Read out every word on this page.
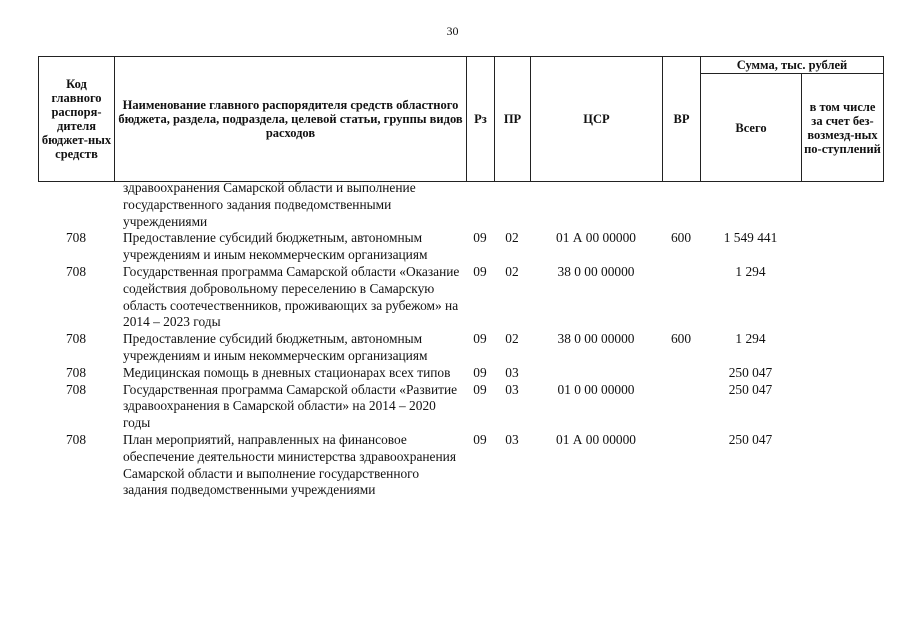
30
Код главного распоря-дителя бюджет-ных средств	Наименование главного распорядителя средств областного бюджета, раздела, подраздела, целевой статьи, группы видов расходов	Рз	ПР	ЦСР	ВР	Сумма, тыс. рублей	
						Всего	в том числе за счет без-возмезд-ных по-ступлений
	здравоохранения Самарской области и выполнение государственного задания подведомственными учреждениями						
708	Предоставление субсидий бюджетным, автономным учреждениям и иным некоммерческим организациям	09	02	01 А 00 00000	600	1 549 441	
708	Государственная программа Самарской области «Оказание содействия добровольному переселению в Самарскую область соотечественников, проживающих за рубежом» на 2014 – 2023 годы	09	02	38 0 00 00000		1 294	
708	Предоставление субсидий бюджетным, автономным учреждениям и иным некоммерческим организациям	09	02	38 0 00 00000	600	1 294	
708	Медицинская помощь в дневных стационарах всех типов	09	03			250 047	
708	Государственная программа Самарской области «Развитие здравоохранения в Самарской области» на 2014 – 2020 годы	09	03	01 0 00 00000		250 047	
708	План мероприятий, направленных на финансовое обеспечение деятельности министерства здравоохранения Самарской области и выполнение государственного задания подведомственными учреждениями	09	03	01 А 00 00000		250 047	
